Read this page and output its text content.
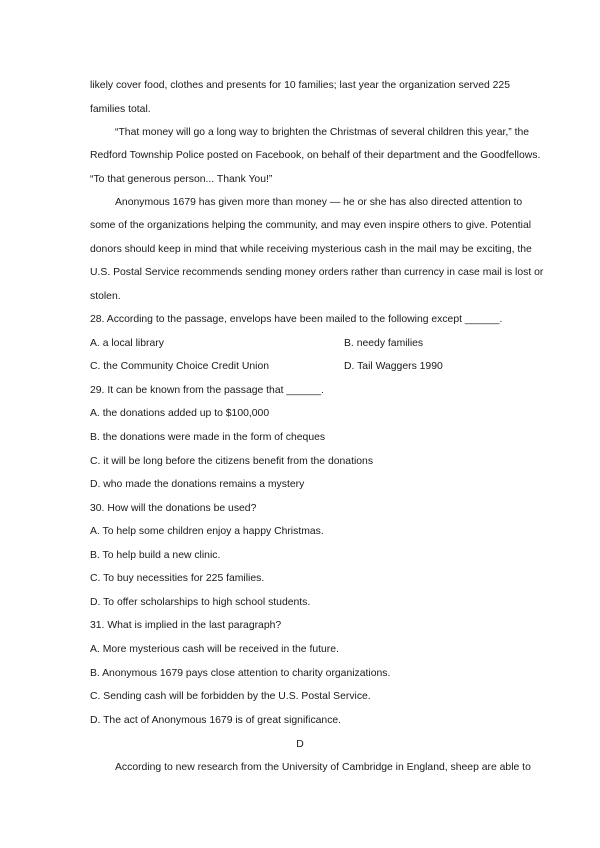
likely cover food, clothes and presents for 10 families; last year the organization served 225
families total.
“That money will go a long way to brighten the Christmas of several children this year,” the
Redford Township Police posted on Facebook, on behalf of their department and the Goodfellows.
“To that generous person... Thank You!”
Anonymous 1679 has given more than money — he or she has also directed attention to
some of the organizations helping the community, and may even inspire others to give. Potential
donors should keep in mind that while receiving mysterious cash in the mail may be exciting, the
U.S. Postal Service recommends sending money orders rather than currency in case mail is lost or
stolen.
28. According to the passage, envelops have been mailed to the following except ______.
A. a local library	B. needy families
C. the Community Choice Credit Union	D. Tail Waggers 1990
29. It can be known from the passage that ______.
A. the donations added up to $100,000
B. the donations were made in the form of cheques
C. it will be long before the citizens benefit from the donations
D. who made the donations remains a mystery
30. How will the donations be used?
A. To help some children enjoy a happy Christmas.
B. To help build a new clinic.
C. To buy necessities for 225 families.
D. To offer scholarships to high school students.
31. What is implied in the last paragraph?
A. More mysterious cash will be received in the future.
B. Anonymous 1679 pays close attention to charity organizations.
C. Sending cash will be forbidden by the U.S. Postal Service.
D. The act of Anonymous 1679 is of great significance.
D
According to new research from the University of Cambridge in England, sheep are able to
